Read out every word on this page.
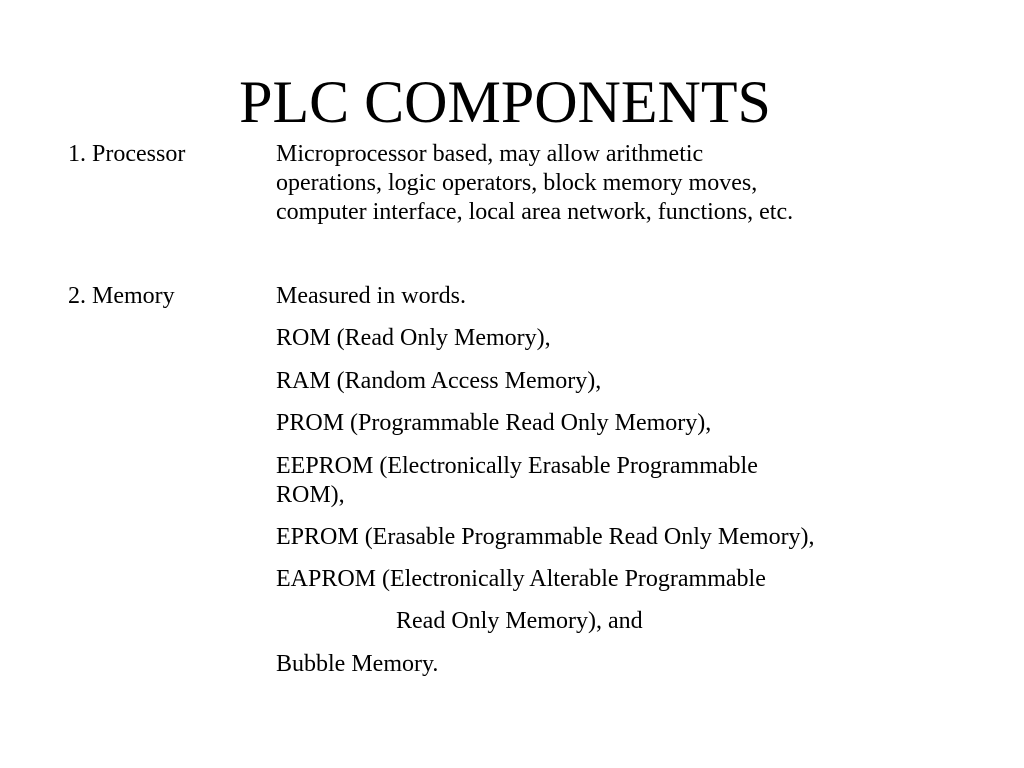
PLC COMPONENTS
1. Processor	Microprocessor based, may allow arithmetic
operations, logic operators, block memory moves,
computer interface, local area network, functions, etc.
2. Memory	Measured in words.
ROM (Read Only Memory),
RAM (Random Access Memory),
PROM (Programmable Read Only Memory),
EEPROM (Electronically Erasable Programmable
ROM),
EPROM (Erasable Programmable Read Only Memory),
EAPROM (Electronically Alterable Programmable
Read Only Memory), and
Bubble Memory.
